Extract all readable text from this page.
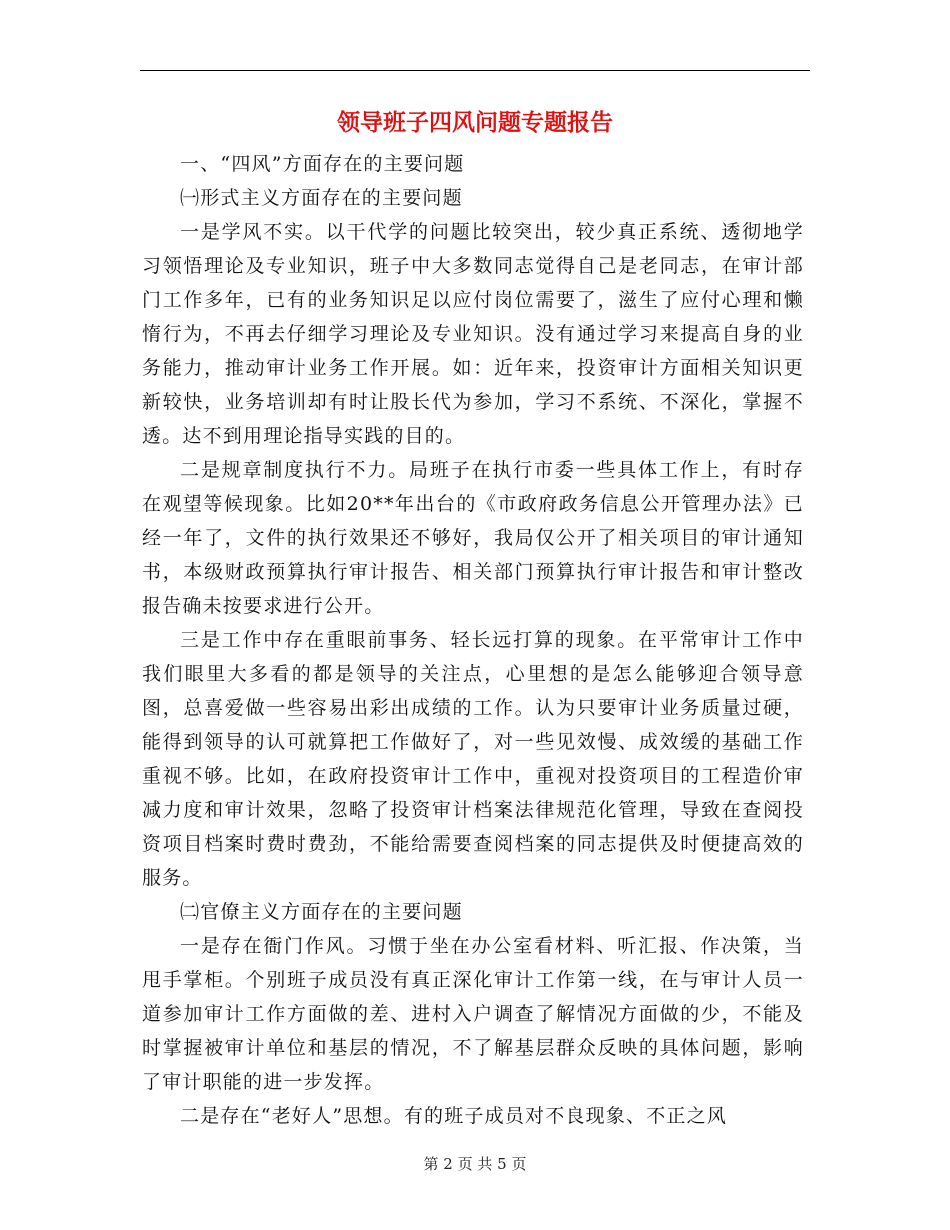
领导班子四风问题专题报告

一、“四风”方面存在的主要问题

㈠形式主义方面存在的主要问题

一是学风不实。以干代学的问题比较突出，较少真正系统、透彻地学习领悟理论及专业知识，班子中大多数同志觉得自己是老同志，在审计部门工作多年，已有的业务知识足以应付岗位需要了，滋生了应付心理和懒惰行为，不再去仔细学习理论及专业知识。没有通过学习来提高自身的业务能力，推动审计业务工作开展。如：近年来，投资审计方面相关知识更新较快，业务培训却有时让股长代为参加，学习不系统、不深化，掌握不透。达不到用理论指导实践的目的。

二是规章制度执行不力。局班子在执行市委一些具体工作上，有时存在观望等候现象。比如20**年出台的《市政府政务信息公开管理办法》已经一年了，文件的执行效果还不够好，我局仅公开了相关项目的审计通知书，本级财政预算执行审计报告、相关部门预算执行审计报告和审计整改报告确未按要求进行公开。

三是工作中存在重眼前事务、轻长远打算的现象。在平常审计工作中我们眼里大多看的都是领导的关注点，心里想的是怎么能够迎合领导意图，总喜爱做一些容易出彩出成绩的工作。认为只要审计业务质量过硬，能得到领导的认可就算把工作做好了，对一些见效慢、成效缓的基础工作重视不够。比如，在政府投资审计工作中，重视对投资项目的工程造价审减力度和审计效果，忽略了投资审计档案法律规范化管理，导致在查阅投资项目档案时费时费劲，不能给需要查阅档案的同志提供及时便捷高效的服务。

㈡官僚主义方面存在的主要问题

一是存在衙门作风。习惯于坐在办公室看材料、听汇报、作决策，当甩手掌柜。个别班子成员没有真正深化审计工作第一线，在与审计人员一道参加审计工作方面做的差、进村入户调查了解情况方面做的少，不能及时掌握被审计单位和基层的情况，不了解基层群众反映的具体问题，影响了审计职能的进一步发挥。

二是存在“老好人”思想。有的班子成员对不良现象、不正之风

第 2 页 共 5 页
